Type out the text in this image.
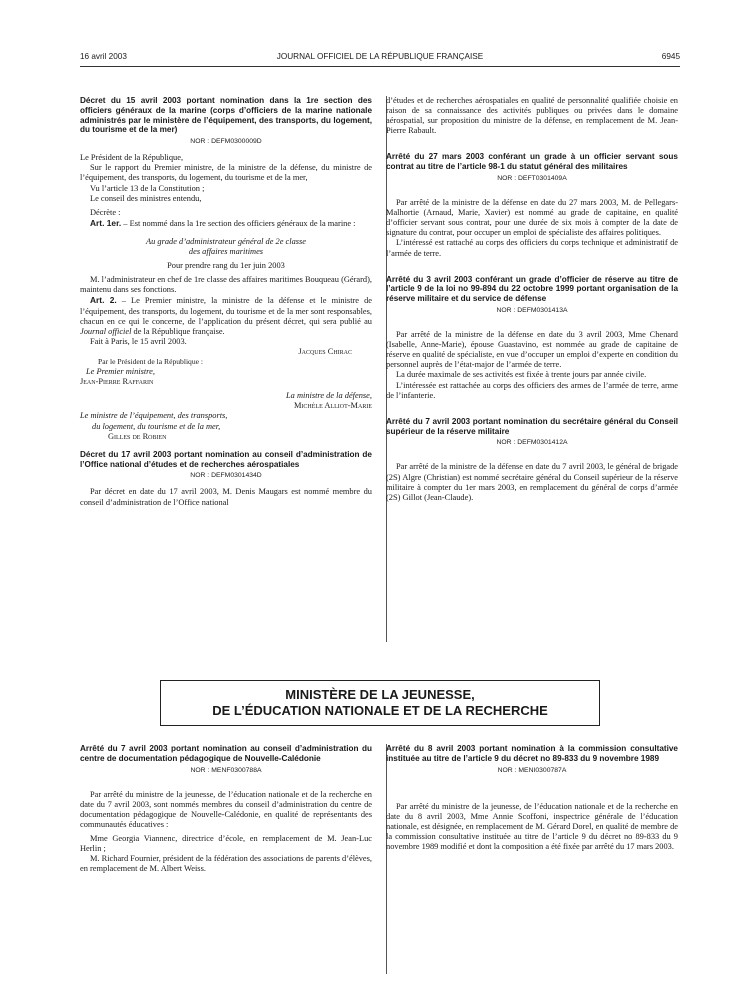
16 avril 2003	JOURNAL OFFICIEL DE LA RÉPUBLIQUE FRANÇAISE	6945
Décret du 15 avril 2003 portant nomination dans la 1re section des officiers généraux de la marine (corps d’officiers de la marine nationale administrés par le ministère de l’équipement, des transports, du logement, du tourisme et de la mer)
NOR : DEFM0300009D

Le Président de la République,

Sur le rapport du Premier ministre, de la ministre de la défense, du ministre de l’équipement, des transports, du logement, du tourisme et de la mer,

Vu l’article 13 de la Constitution ;

Le conseil des ministres entendu,

Décrète :

Art. 1er. – Est nommé dans la 1re section des officiers généraux de la marine :

Au grade d’administrateur général de 2e classe
des affaires maritimes
Pour prendre rang du 1er juin 2003

M. l’administrateur en chef de 1re classe des affaires maritimes Bouqueau (Gérard), maintenu dans ses fonctions.

Art. 2. – Le Premier ministre, la ministre de la défense et le ministre de l’équipement, des transports, du logement, du tourisme et de la mer sont responsables, chacun en ce qui le concerne, de l’application du présent décret, qui sera publié au Journal officiel de la République française.

Fait à Paris, le 15 avril 2003.

Jacques Chirac
Par le Président de la République :
Le Premier ministre,
Jean-Pierre Raffarin
La ministre de la défense,
Michèle Alliot-Marie
Le ministre de l’équipement, des transports,
du logement, du tourisme et de la mer,
Gilles de Robien
Décret du 17 avril 2003 portant nomination au conseil d’administration de l’Office national d’études et de recherches aérospatiales
NOR : DEFM0301434D

Par décret en date du 17 avril 2003, M. Denis Maugars est nommé membre du conseil d’administration de l’Office national

d’études et de recherches aérospatiales en qualité de personnalité qualifiée choisie en raison de sa connaissance des activités publiques ou privées dans le domaine aérospatial, sur proposition du ministre de la défense, en remplacement de M. Jean-Pierre Rabault.

Arrêté du 27 mars 2003 conférant un grade à un officier servant sous contrat au titre de l’article 98-1 du statut général des militaires
NOR : DEFT0301409A

Par arrêté de la ministre de la défense en date du 27 mars 2003, M. de Pellegars-Malhortie (Arnaud, Marie, Xavier) est nommé au grade de capitaine, en qualité d’officier servant sous contrat, pour une durée de six mois à compter de la date de signature du contrat, pour occuper un emploi de spécialiste des affaires politiques.

L’intéressé est rattaché au corps des officiers du corps technique et administratif de l’armée de terre.

Arrêté du 3 avril 2003 conférant un grade d’officier de réserve au titre de l’article 9 de la loi no 99-894 du 22 octobre 1999 portant organisation de la réserve militaire et du service de défense
NOR : DEFM0301413A

Par arrêté de la ministre de la défense en date du 3 avril 2003, Mme Chenard (Isabelle, Anne-Marie), épouse Guastavino, est nommée au grade de capitaine de réserve en qualité de spécialiste, en vue d’occuper un emploi d’experte en condition du personnel auprès de l’état-major de l’armée de terre.

La durée maximale de ses activités est fixée à trente jours par année civile.

L’intéressée est rattachée au corps des officiers des armes de l’armée de terre, arme de l’infanterie.

Arrêté du 7 avril 2003 portant nomination du secrétaire général du Conseil supérieur de la réserve militaire
NOR : DEFM0301412A

Par arrêté de la ministre de la défense en date du 7 avril 2003, le général de brigade (2S) Algre (Christian) est nommé secrétaire général du Conseil supérieur de la réserve militaire à compter du 1er mars 2003, en remplacement du général de corps d’armée (2S) Gillot (Jean-Claude).

MINISTÈRE DE LA JEUNESSE,
DE L’ÉDUCATION NATIONALE ET DE LA RECHERCHE
Arrêté du 7 avril 2003 portant nomination au conseil d’administration du centre de documentation pédagogique de Nouvelle-Calédonie
NOR : MENF0300788A

Par arrêté du ministre de la jeunesse, de l’éducation nationale et de la recherche en date du 7 avril 2003, sont nommés membres du conseil d’administration du centre de documentation pédagogique de Nouvelle-Calédonie, en qualité de représentants des communautés éducatives :

Mme Georgia Viannenc, directrice d’école, en remplacement de M. Jean-Luc Herlin ;

M. Richard Fournier, président de la fédération des associations de parents d’élèves, en remplacement de M. Albert Weiss.

Arrêté du 8 avril 2003 portant nomination à la commission consultative instituée au titre de l’article 9 du décret no 89-833 du 9 novembre 1989
NOR : MENI0300787A

Par arrêté du ministre de la jeunesse, de l’éducation nationale et de la recherche en date du 8 avril 2003, Mme Annie Scoffoni, inspectrice générale de l’éducation nationale, est désignée, en remplacement de M. Gérard Dorel, en qualité de membre de la commission consultative instituée au titre de l’article 9 du décret no 89-833 du 9 novembre 1989 modifié et dont la composition a été fixée par arrêté du 17 mars 2003.
